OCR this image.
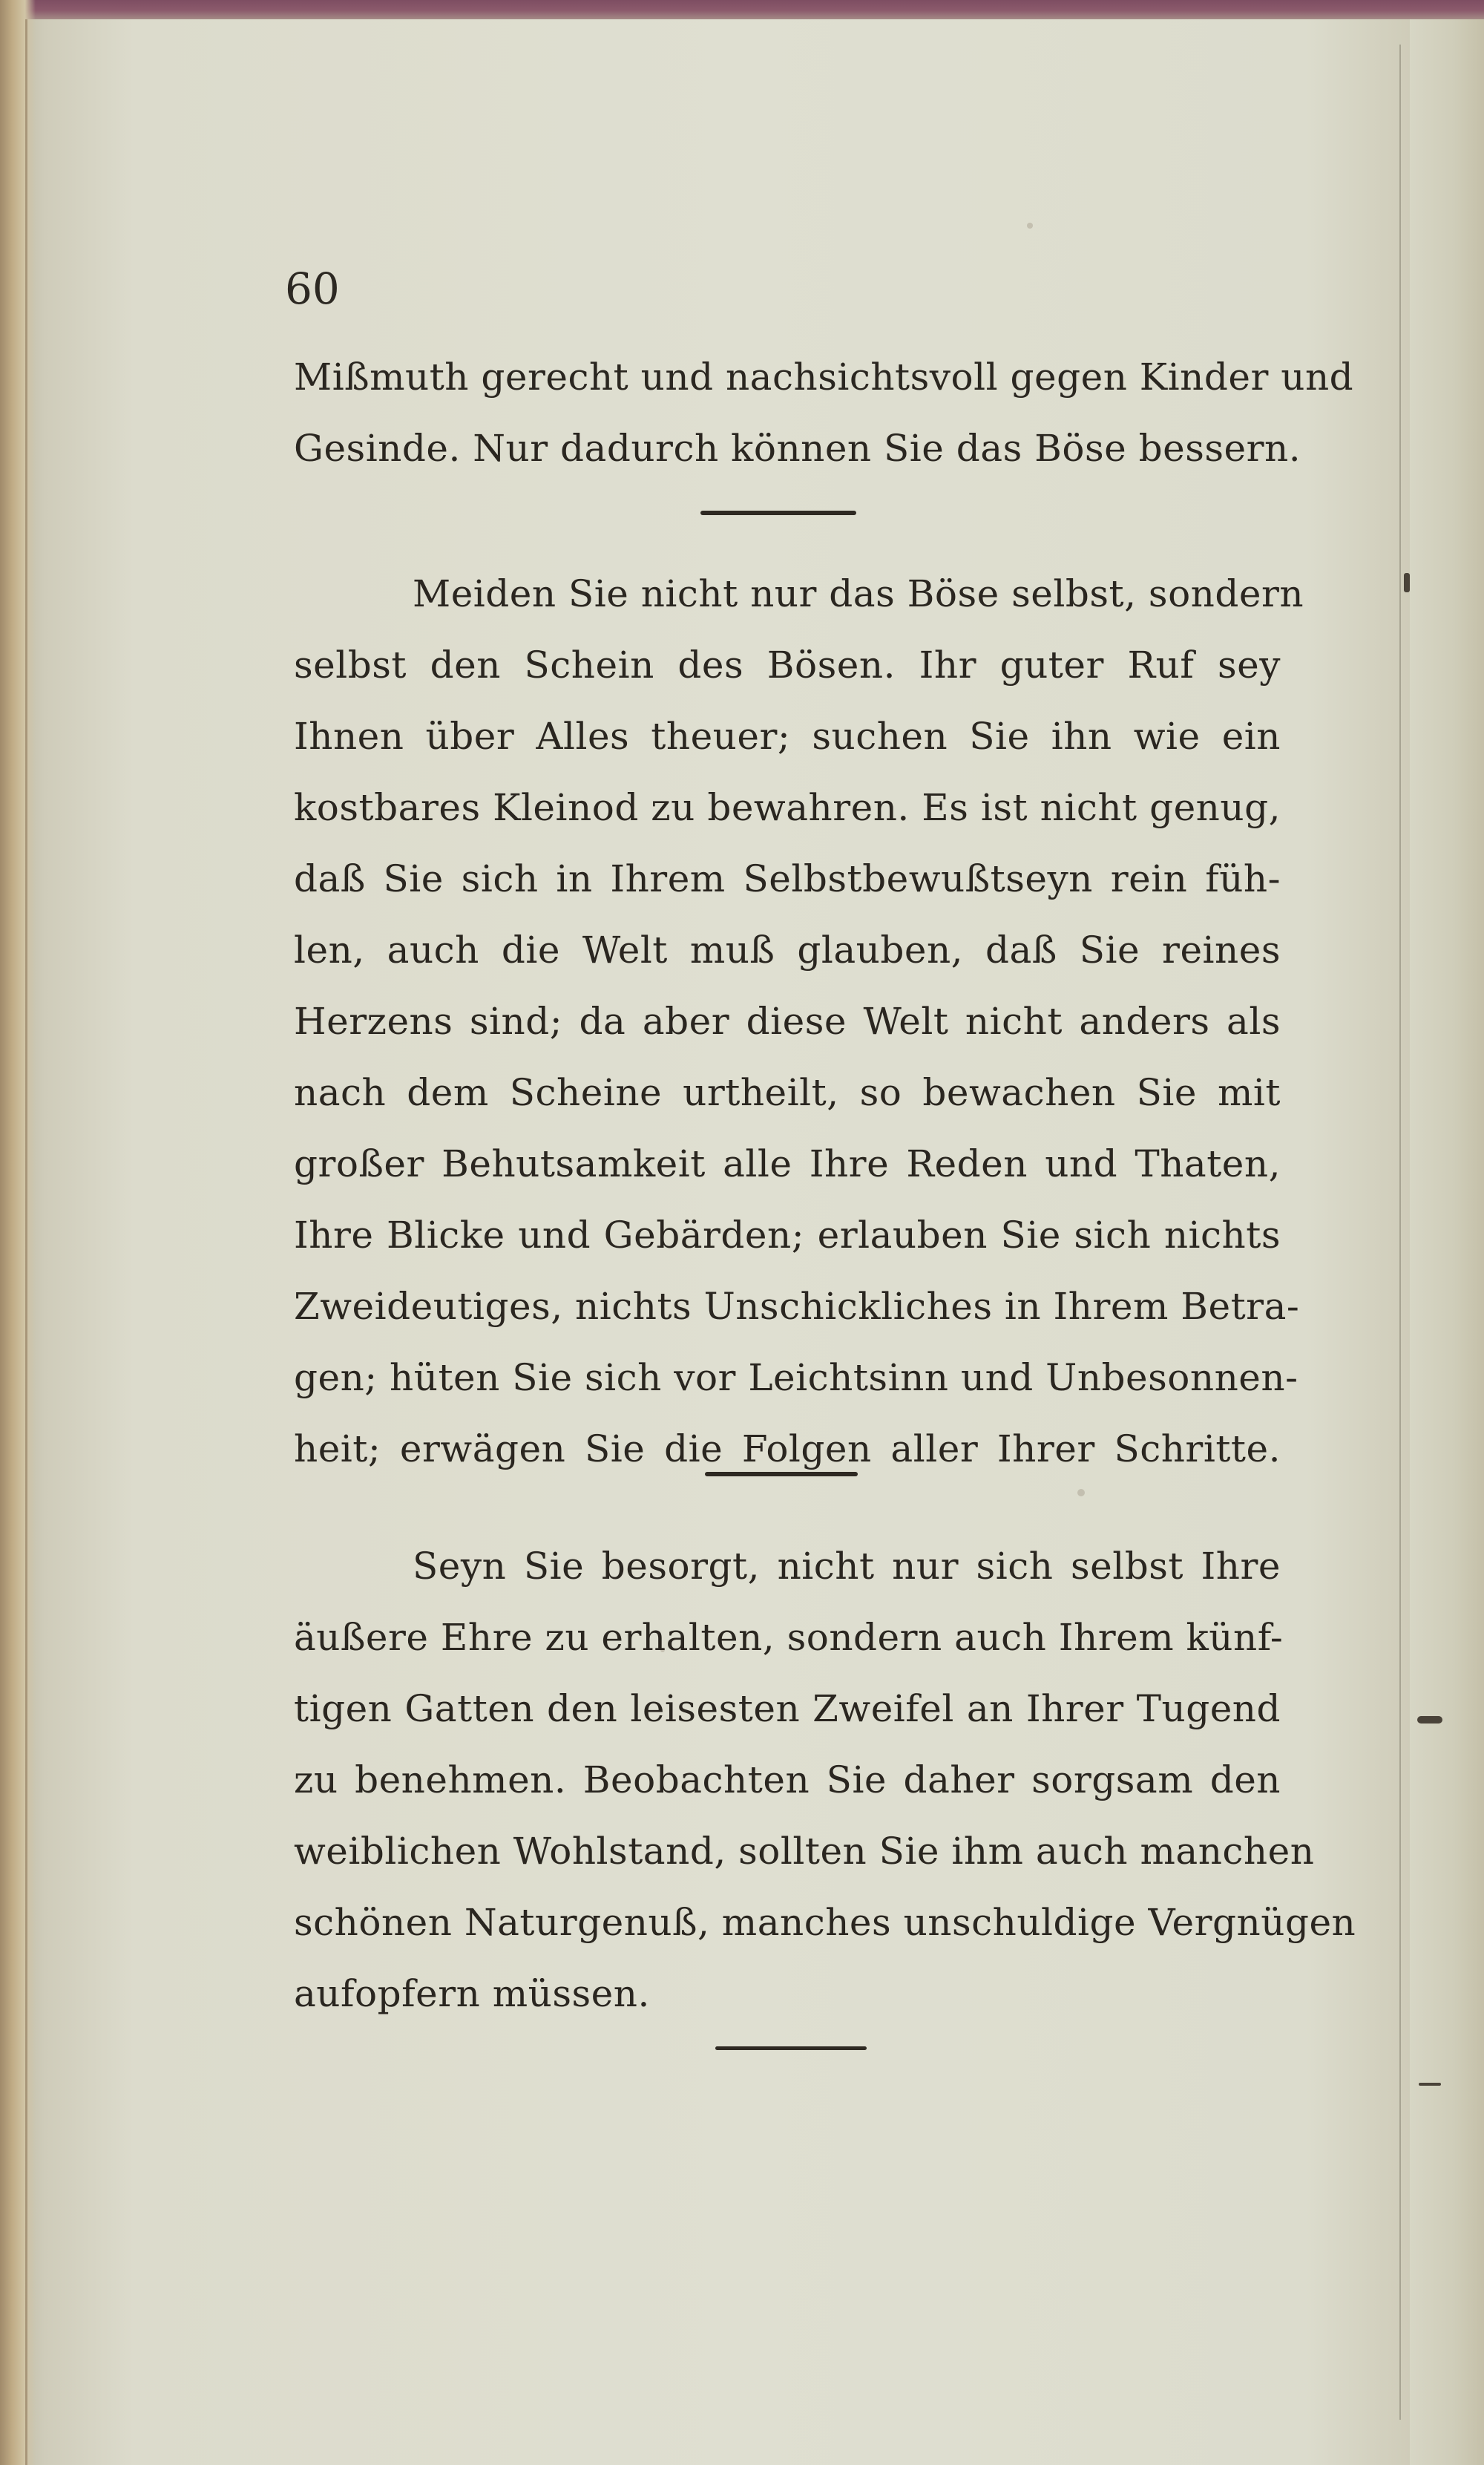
60
Mißmuth gerecht und nachsichtsvoll gegen Kinder und
Gesinde. Nur dadurch können Sie das Böse bessern.
Meiden Sie nicht nur das Böse selbst, sondern
selbst den Schein des Bösen. Ihr guter Ruf sey
Ihnen über Alles theuer; suchen Sie ihn wie ein
kostbares Kleinod zu bewahren. Es ist nicht genug,
daß Sie sich in Ihrem Selbstbewußtseyn rein füh-
len, auch die Welt muß glauben, daß Sie reines
Herzens sind; da aber diese Welt nicht anders als
nach dem Scheine urtheilt, so bewachen Sie mit
großer Behutsamkeit alle Ihre Reden und Thaten,
Ihre Blicke und Gebärden; erlauben Sie sich nichts
Zweideutiges, nichts Unschickliches in Ihrem Betra-
gen; hüten Sie sich vor Leichtsinn und Unbesonnen-
heit; erwägen Sie die Folgen aller Ihrer Schritte.
Seyn Sie besorgt, nicht nur sich selbst Ihre
äußere Ehre zu erhalten, sondern auch Ihrem künf-
tigen Gatten den leisesten Zweifel an Ihrer Tugend
zu benehmen. Beobachten Sie daher sorgsam den
weiblichen Wohlstand, sollten Sie ihm auch manchen
schönen Naturgenuß, manches unschuldige Vergnügen
aufopfern müssen.
